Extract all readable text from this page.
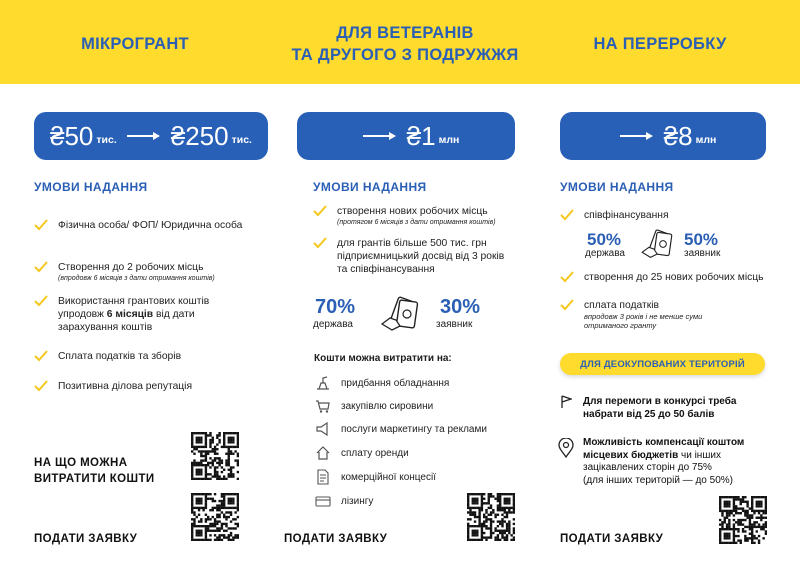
МІКРОГРАНТ
ДЛЯ ВЕТЕРАНІВ
ТА ДРУГОГО З ПОДРУЖЖЯ
НА ПЕРЕРОБКУ
₴50 тис. ₴250 тис.
УМОВИ НАДАННЯ
Фізична особа/ ФОП/ Юридична особа
Створення до 2 робочих місць
(впродовж 6 місяців з дати отримання коштів)
Використання грантових коштів упродовж 6 місяців від дати зарахування коштів
Сплата податків та зборів
Позитивна ділова репутація
НА ЩО МОЖНА
ВИТРАТИТИ КОШТИ
ПОДАТИ ЗАЯВКУ
₴1 млн
УМОВИ НАДАННЯ
створення нових робочих місць
(протягом 6 місяців з дати отримання коштів)
для грантів більше 500 тис. грн підприємницький досвід від 3 років та співфінансування
70%
держава
30%
заявник
Кошти можна витратити на:
придбання обладнання
закупівлю сировини
послуги маркетингу та реклами
сплату оренди
комерційної концесії
лізингу
ПОДАТИ ЗАЯВКУ
₴8 млн
УМОВИ НАДАННЯ
співфінансування
50%
держава
50%
заявник
створення до 25 нових робочих місць
сплата податків
впродовж 3 років і не менше суми отриманого гранту
ДЛЯ ДЕОКУПОВАНИХ ТЕРИТОРІЙ
Для перемоги в конкурсі треба набрати від 25 до 50 балів
Можливість компенсації коштом місцевих бюджетів чи інших зацікавлених сторін до 75%
(для інших територій — до 50%)
ПОДАТИ ЗАЯВКУ
